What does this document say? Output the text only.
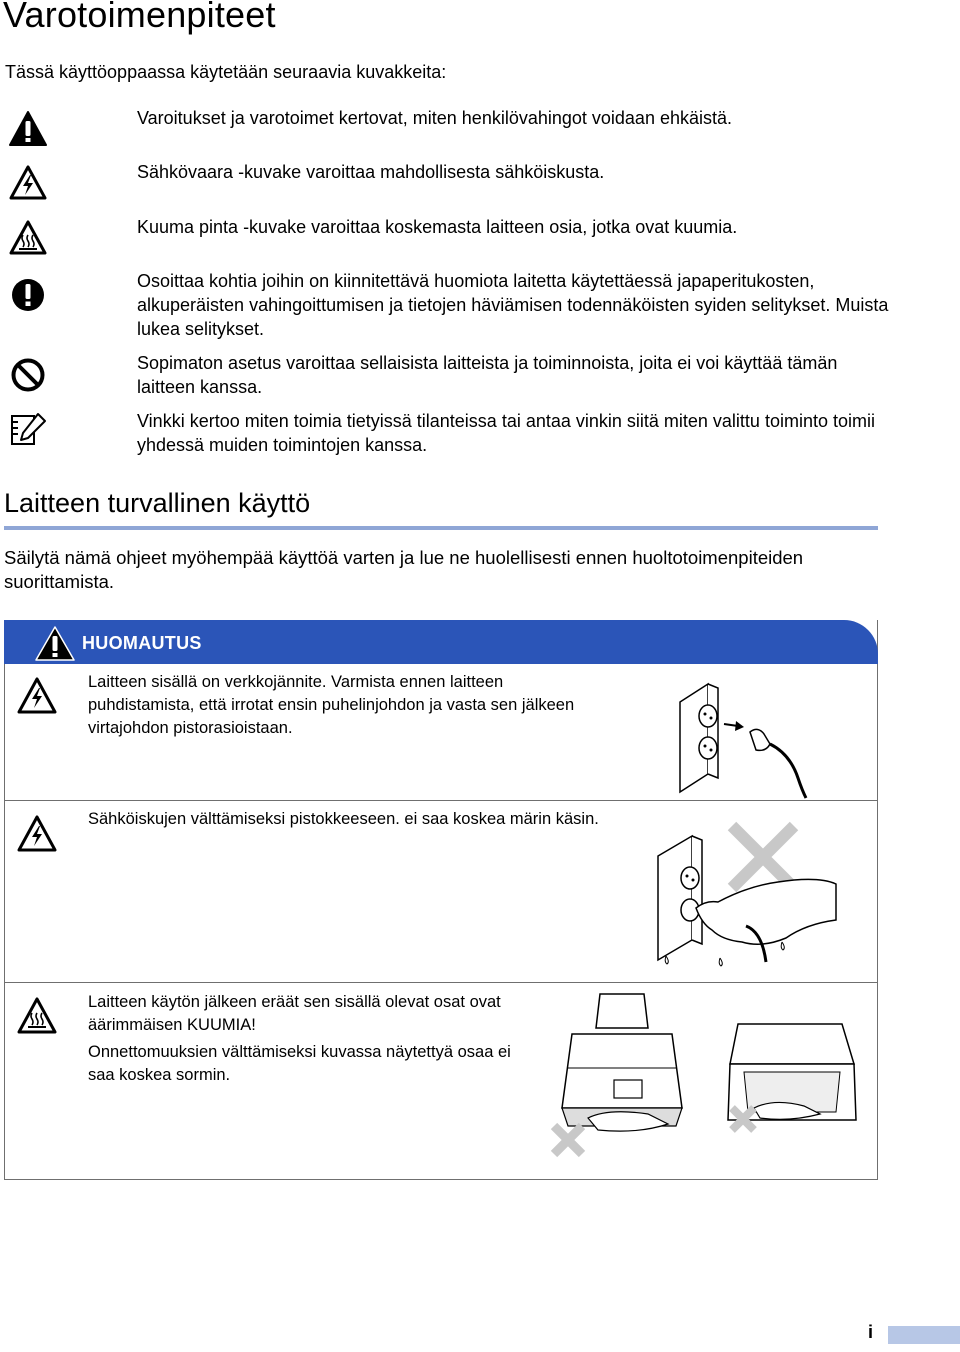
Varotoimenpiteet
Tässä käyttöoppaassa käytetään seuraavia kuvakkeita:
Varoitukset ja varotoimet kertovat, miten henkilövahingot voidaan ehkäistä.
Sähkövaara -kuvake varoittaa mahdollisesta sähköiskusta.
Kuuma pinta -kuvake varoittaa koskemasta laitteen osia, jotka ovat kuumia.
Osoittaa kohtia joihin on kiinnitettävä huomiota laitetta käytettäessä japaperitukosten, alkuperäisten vahingoittumisen ja tietojen häviämisen todennäköisten syiden selitykset. Muista lukea selitykset.
Sopimaton asetus varoittaa sellaisista laitteista ja toiminnoista, joita ei voi käyttää tämän laitteen kanssa.
Vinkki kertoo miten toimia tietyissä tilanteissa tai antaa vinkin siitä miten valittu toiminto toimii yhdessä muiden toimintojen kanssa.
Laitteen turvallinen käyttö
Säilytä nämä ohjeet myöhempää käyttöä varten ja lue ne huolellisesti ennen huoltotoimenpiteiden suorittamista.
HUOMAUTUS
Laitteen sisällä on verkkojännite. Varmista ennen laitteen puhdistamista, että irrotat ensin puhelinjohdon ja vasta sen jälkeen virtajohdon pistorasioistaan.
Sähköiskujen välttämiseksi pistokkeeseen. ei saa koskea märin käsin.
Laitteen käytön jälkeen eräät sen sisällä olevat osat ovat äärimmäisen KUUMIA!
Onnettomuuksien välttämiseksi kuvassa näytettyä osaa ei saa koskea sormin.
i
